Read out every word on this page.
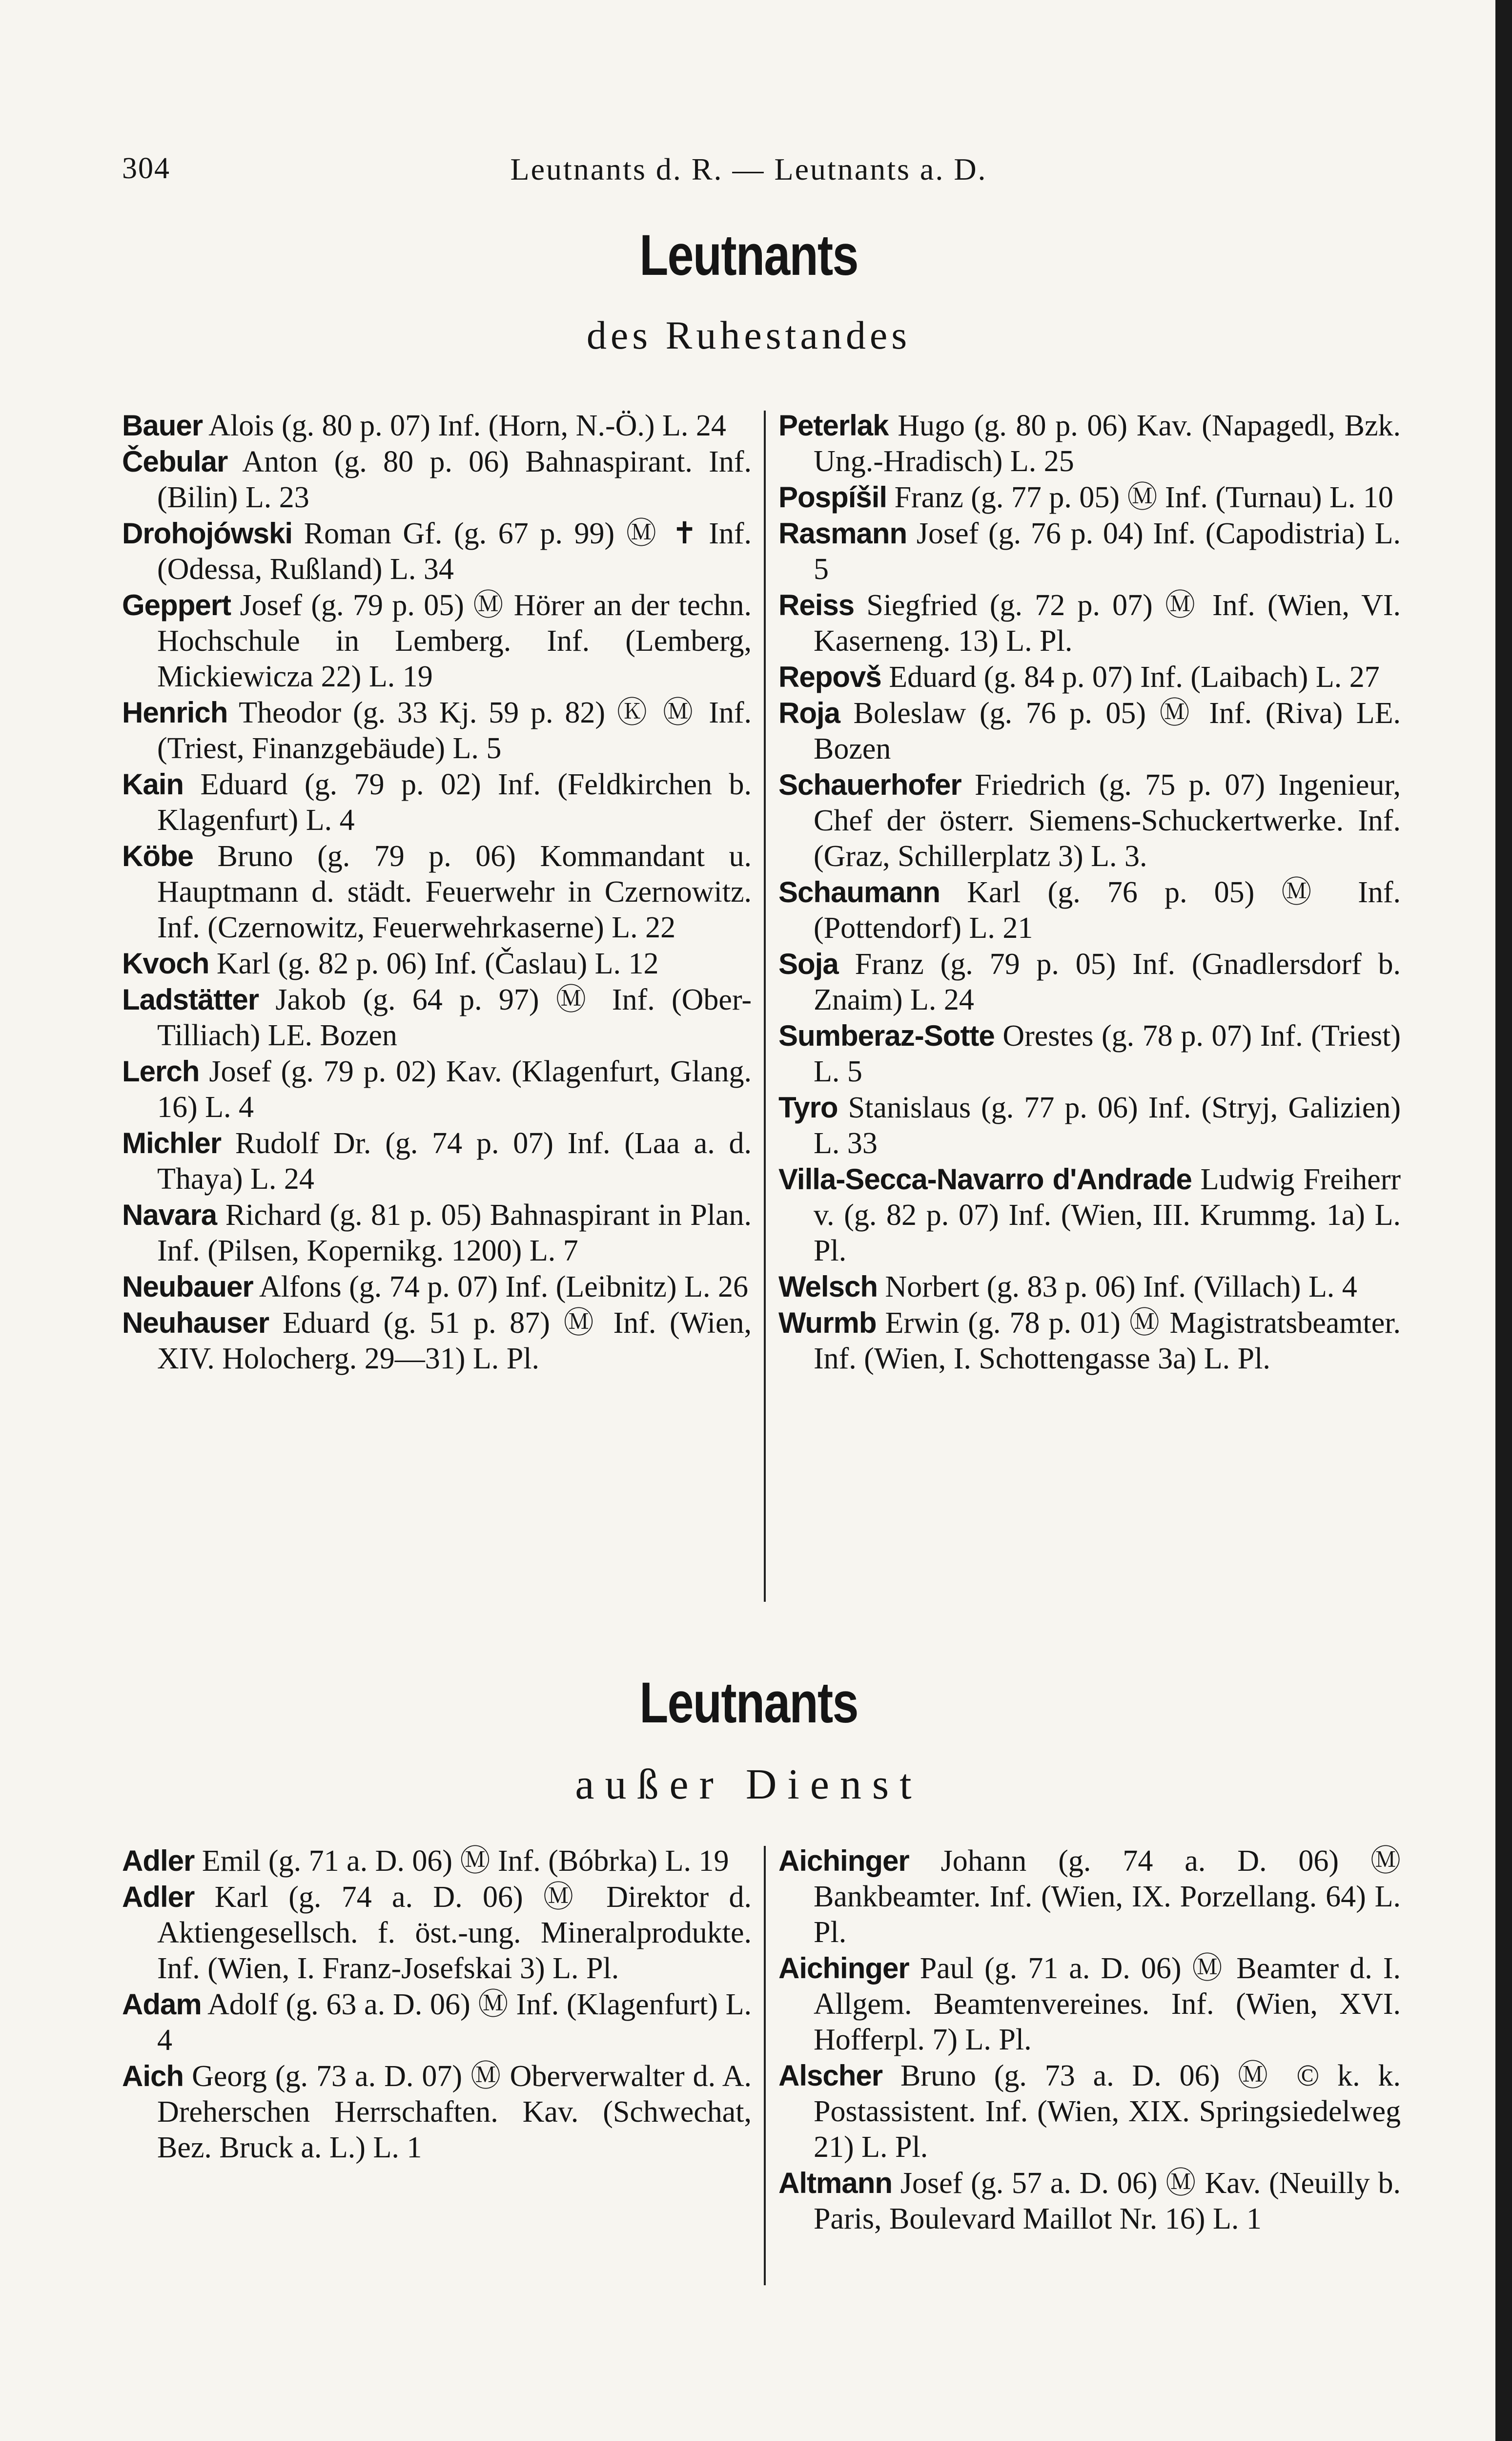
304	Leutnants d. R. — Leutnants a. D.
Leutnants
des Ruhestandes

Bauer Alois (g. 80 p. 07) Inf. (Horn, N.-Ö.) L. 24

Čebular Anton (g. 80 p. 06) Bahnaspirant. Inf. (Bilin) L. 23

Drohojówski Roman Gf. (g. 67 p. 99) Ⓜ ✝ Inf. (Odessa, Rußland) L. 34

Geppert Josef (g. 79 p. 05) Ⓜ Hörer an der techn. Hochschule in Lemberg. Inf. (Lemberg, Mickiewicza 22) L. 19

Henrich Theodor (g. 33 Kj. 59 p. 82) Ⓚ Ⓜ Inf. (Triest, Finanzgebäude) L. 5

Kain Eduard (g. 79 p. 02) Inf. (Feldkirchen b. Klagenfurt) L. 4

Köbe Bruno (g. 79 p. 06) Kommandant u. Hauptmann d. städt. Feuerwehr in Czernowitz. Inf. (Czernowitz, Feuerwehrkaserne) L. 22

Kvoch Karl (g. 82 p. 06) Inf. (Časlau) L. 12

Ladstätter Jakob (g. 64 p. 97) Ⓜ Inf. (Ober-Tilliach) LE. Bozen

Lerch Josef (g. 79 p. 02) Kav. (Klagenfurt, Glang. 16) L. 4

Michler Rudolf Dr. (g. 74 p. 07) Inf. (Laa a. d. Thaya) L. 24

Navara Richard (g. 81 p. 05) Bahnaspirant in Plan. Inf. (Pilsen, Kopernikg. 1200) L. 7

Neubauer Alfons (g. 74 p. 07) Inf. (Leibnitz) L. 26

Neuhauser Eduard (g. 51 p. 87) Ⓜ Inf. (Wien, XIV. Holocherg. 29—31) L. Pl.

Peterlak Hugo (g. 80 p. 06) Kav. (Napagedl, Bzk. Ung.-Hradisch) L. 25

Pospíšil Franz (g. 77 p. 05) Ⓜ Inf. (Turnau) L. 10

Rasmann Josef (g. 76 p. 04) Inf. (Capodistria) L. 5

Reiss Siegfried (g. 72 p. 07) Ⓜ Inf. (Wien, VI. Kaserneng. 13) L. Pl.

Repovš Eduard (g. 84 p. 07) Inf. (Laibach) L. 27

Roja Boleslaw (g. 76 p. 05) Ⓜ Inf. (Riva) LE. Bozen

Schauerhofer Friedrich (g. 75 p. 07) Ingenieur, Chef der österr. Siemens-Schuckertwerke. Inf. (Graz, Schillerplatz 3) L. 3.

Schaumann Karl (g. 76 p. 05) Ⓜ Inf. (Pottendorf) L. 21

Soja Franz (g. 79 p. 05) Inf. (Gnadlersdorf b. Znaim) L. 24

Sumberaz-Sotte Orestes (g. 78 p. 07) Inf. (Triest) L. 5

Tyro Stanislaus (g. 77 p. 06) Inf. (Stryj, Galizien) L. 33

Villa-Secca-Navarro d'Andrade Ludwig Freiherr v. (g. 82 p. 07) Inf. (Wien, III. Krummg. 1a) L. Pl.

Welsch Norbert (g. 83 p. 06) Inf. (Villach) L. 4

Wurmb Erwin (g. 78 p. 01) Ⓜ Magistratsbeamter. Inf. (Wien, I. Schottengasse 3a) L. Pl.

Leutnants
außer Dienst

Adler Emil (g. 71 a. D. 06) Ⓜ Inf. (Bóbrka) L. 19

Adler Karl (g. 74 a. D. 06) Ⓜ Direktor d. Aktiengesellsch. f. öst.-ung. Mineralprodukte. Inf. (Wien, I. Franz-Josefskai 3) L. Pl.

Adam Adolf (g. 63 a. D. 06) Ⓜ Inf. (Klagenfurt) L. 4

Aich Georg (g. 73 a. D. 07) Ⓜ Oberverwalter d. A. Dreherschen Herrschaften. Kav. (Schwechat, Bez. Bruck a. L.) L. 1

Aichinger Johann (g. 74 a. D. 06) Ⓜ Bankbeamter. Inf. (Wien, IX. Porzellang. 64) L. Pl.

Aichinger Paul (g. 71 a. D. 06) Ⓜ Beamter d. I. Allgem. Beamtenvereines. Inf. (Wien, XVI. Hofferpl. 7) L. Pl.

Alscher Bruno (g. 73 a. D. 06) Ⓜ © k. k. Postassistent. Inf. (Wien, XIX. Springsiedelweg 21) L. Pl.

Altmann Josef (g. 57 a. D. 06) Ⓜ Kav. (Neuilly b. Paris, Boulevard Maillot Nr. 16) L. 1
